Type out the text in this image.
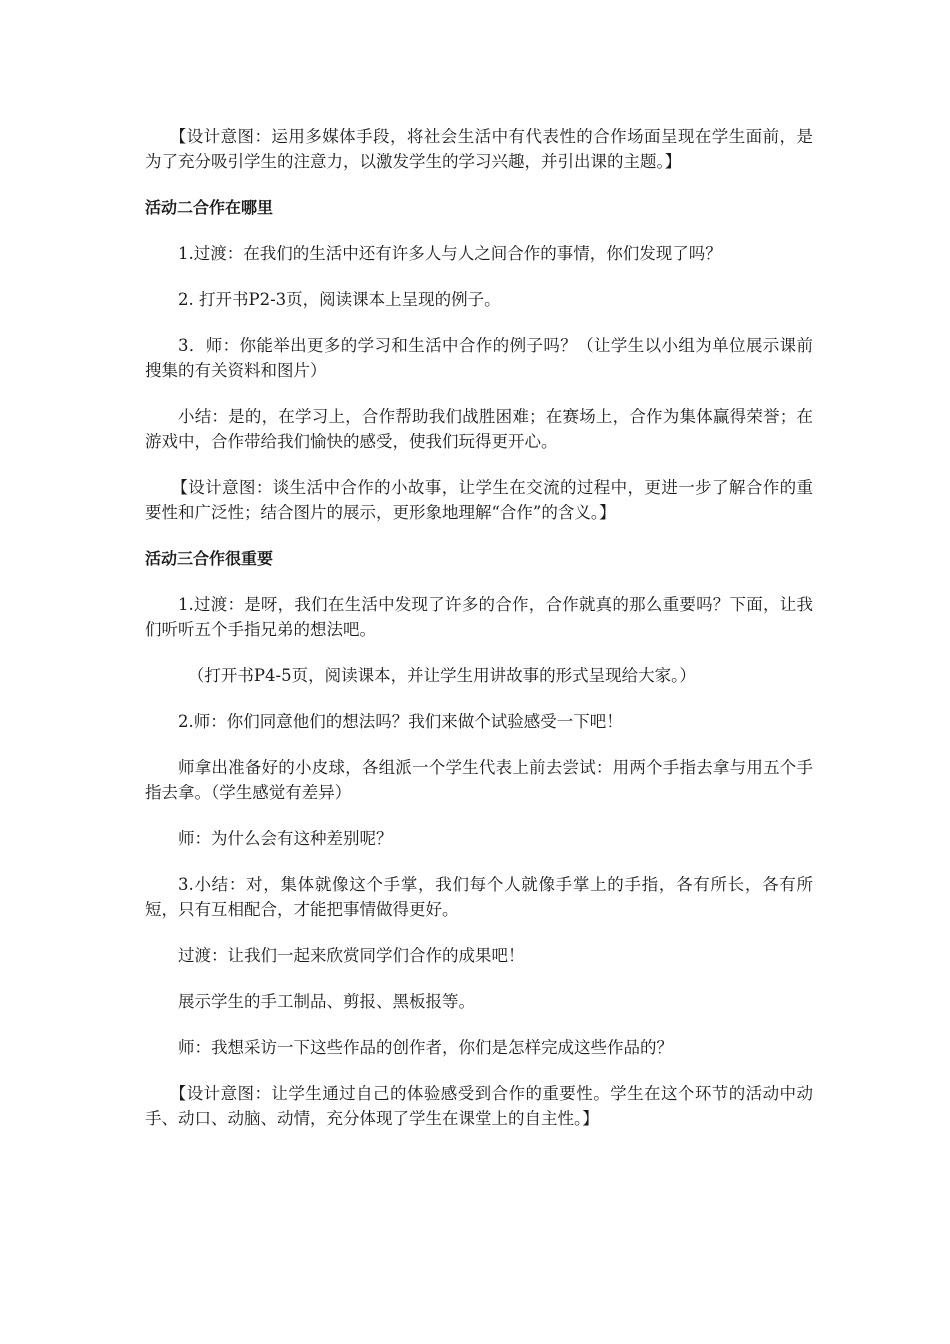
【设计意图：运用多媒体手段，将社会生活中有代表性的合作场面呈现在学生面前，是为了充分吸引学生的注意力，以激发学生的学习兴趣，并引出课的主题。】

活动二合作在哪里

1.过渡：在我们的生活中还有许多人与人之间合作的事情，你们发现了吗？

2. 打开书P2-3页，阅读课本上呈现的例子。

3．师：你能举出更多的学习和生活中合作的例子吗？（让学生以小组为单位展示课前搜集的有关资料和图片）

小结：是的，在学习上，合作帮助我们战胜困难；在赛场上，合作为集体赢得荣誉；在游戏中，合作带给我们愉快的感受，使我们玩得更开心。

【设计意图：谈生活中合作的小故事，让学生在交流的过程中，更进一步了解合作的重要性和广泛性；结合图片的展示，更形象地理解“合作”的含义。】

活动三合作很重要

1.过渡：是呀，我们在生活中发现了许多的合作，合作就真的那么重要吗？下面，让我们听听五个手指兄弟的想法吧。

（打开书P4-5页，阅读课本，并让学生用讲故事的形式呈现给大家。）

2.师：你们同意他们的想法吗？我们来做个试验感受一下吧！

师拿出准备好的小皮球，各组派一个学生代表上前去尝试：用两个手指去拿与用五个手指去拿。（学生感觉有差异）

师：为什么会有这种差别呢？

3.小结：对，集体就像这个手掌，我们每个人就像手掌上的手指，各有所长，各有所短，只有互相配合，才能把事情做得更好。

过渡：让我们一起来欣赏同学们合作的成果吧！

展示学生的手工制品、剪报、黑板报等。

师：我想采访一下这些作品的创作者，你们是怎样完成这些作品的？

【设计意图：让学生通过自己的体验感受到合作的重要性。学生在这个环节的活动中动手、动口、动脑、动情，充分体现了学生在课堂上的自主性。】
